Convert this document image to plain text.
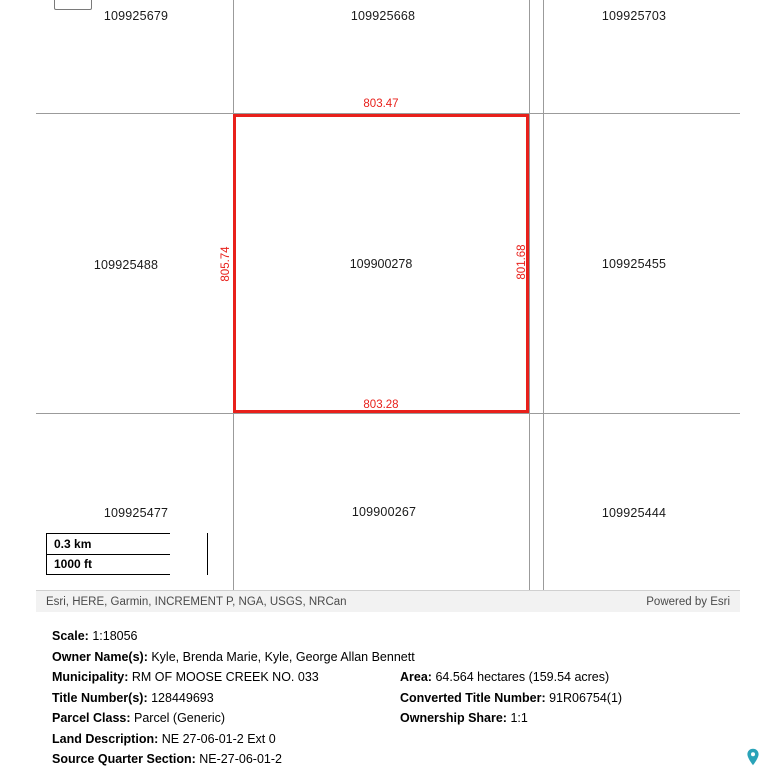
109900278
803.47
803.28
805.74	801.68
109925679	109925668	109925703
109925488	109925455
109925477	109900267	109925444
0.3 km
1000 ft
Esri, HERE, Garmin, INCREMENT P, NGA, USGS, NRCan	Powered by Esri
Scale: 1:18056
Owner Name(s): Kyle, Brenda Marie, Kyle, George Allan Bennett
Municipality: RM OF MOOSE CREEK NO. 033	Area: 64.564 hectares (159.54 acres)
Title Number(s): 128449693	Converted Title Number: 91R06754(1)
Parcel Class: Parcel (Generic)	Ownership Share: 1:1
Land Description: NE 27-06-01-2 Ext 0
Source Quarter Section: NE-27-06-01-2
